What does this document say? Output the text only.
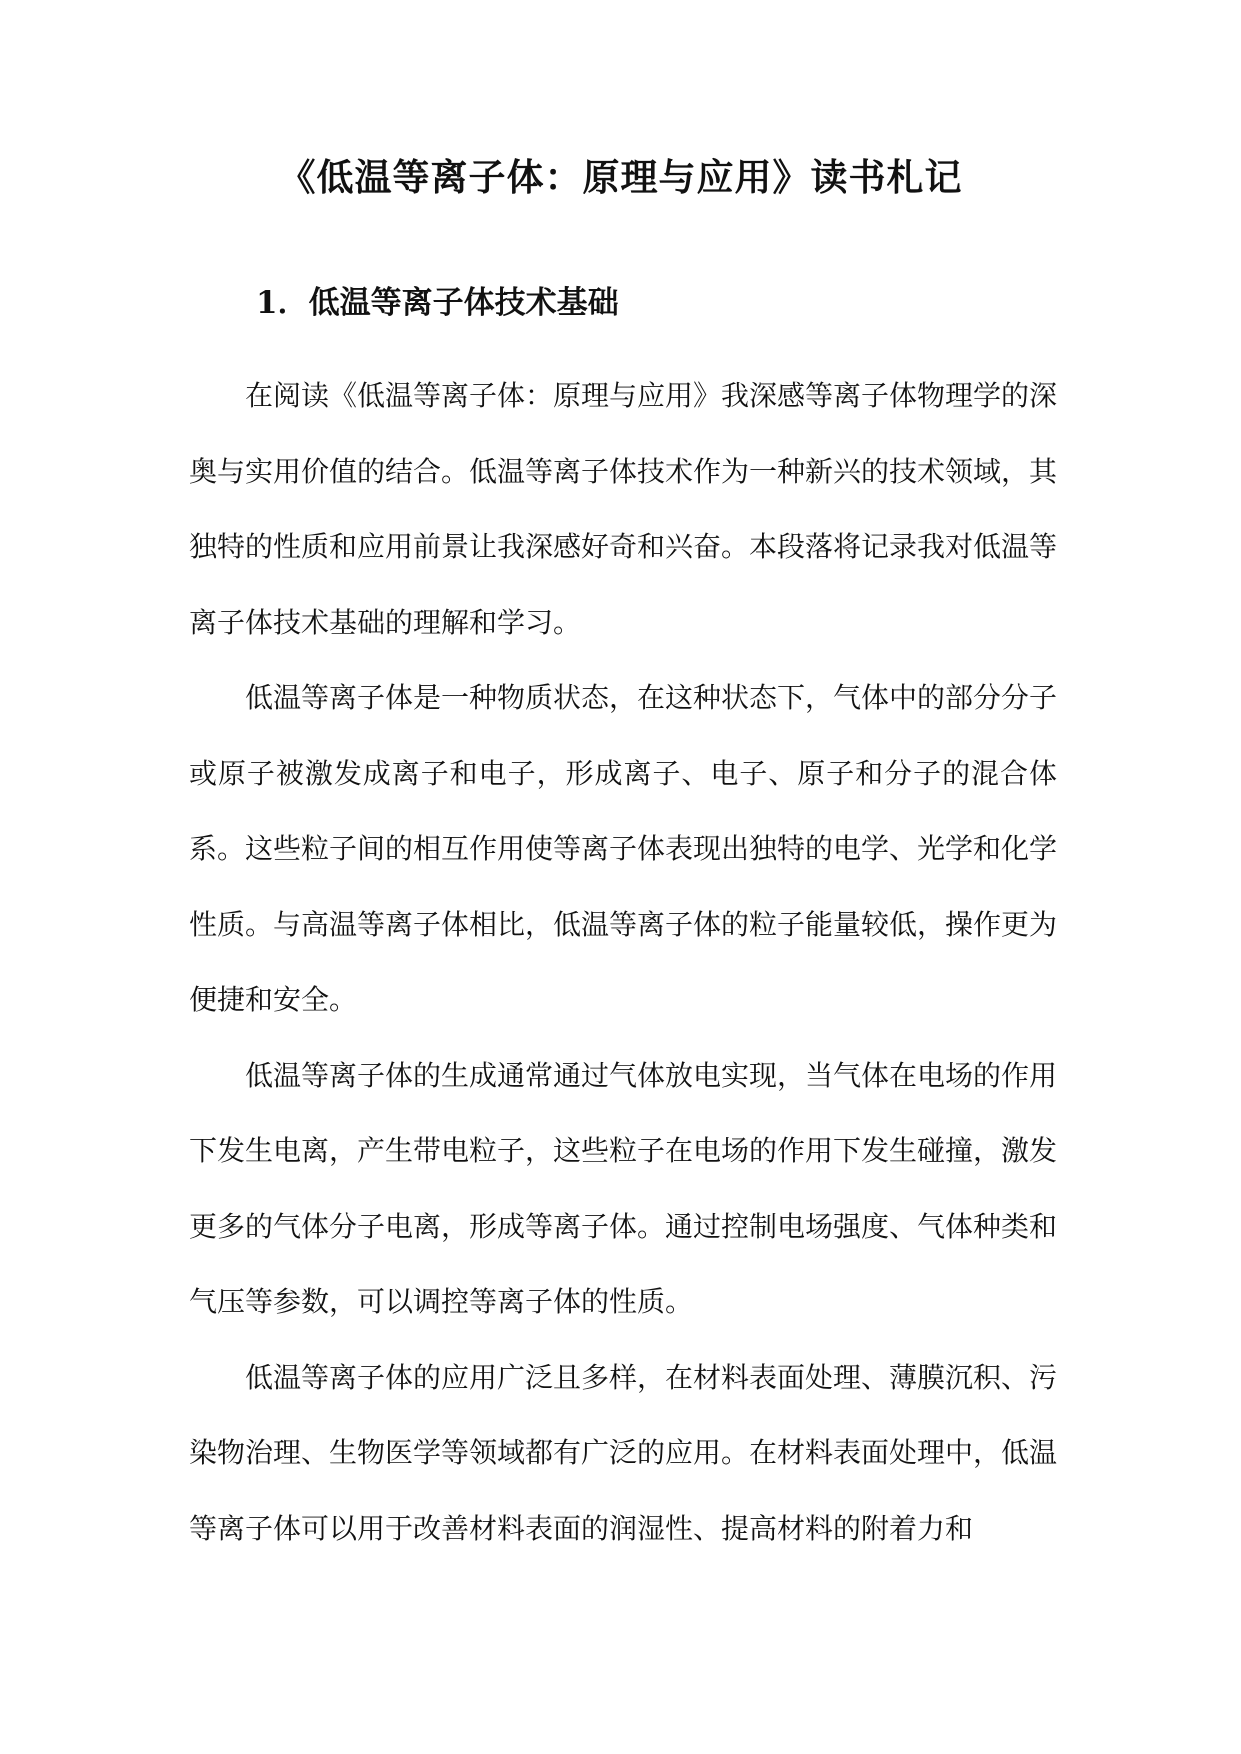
《低温等离子体：原理与应用》读书札记
1．低温等离子体技术基础

在阅读《低温等离子体：原理与应用》我深感等离子体物理学的深奥与实用价值的结合。低温等离子体技术作为一种新兴的技术领域，其独特的性质和应用前景让我深感好奇和兴奋。本段落将记录我对低温等离子体技术基础的理解和学习。

低温等离子体是一种物质状态，在这种状态下，气体中的部分分子或原子被激发成离子和电子，形成离子、电子、原子和分子的混合体系。这些粒子间的相互作用使等离子体表现出独特的电学、光学和化学性质。与高温等离子体相比，低温等离子体的粒子能量较低，操作更为便捷和安全。

低温等离子体的生成通常通过气体放电实现，当气体在电场的作用下发生电离，产生带电粒子，这些粒子在电场的作用下发生碰撞，激发更多的气体分子电离，形成等离子体。通过控制电场强度、气体种类和气压等参数，可以调控等离子体的性质。

低温等离子体的应用广泛且多样，在材料表面处理、薄膜沉积、污染物治理、生物医学等领域都有广泛的应用。在材料表面处理中，低温等离子体可以用于改善材料表面的润湿性、提高材料的附着力和
